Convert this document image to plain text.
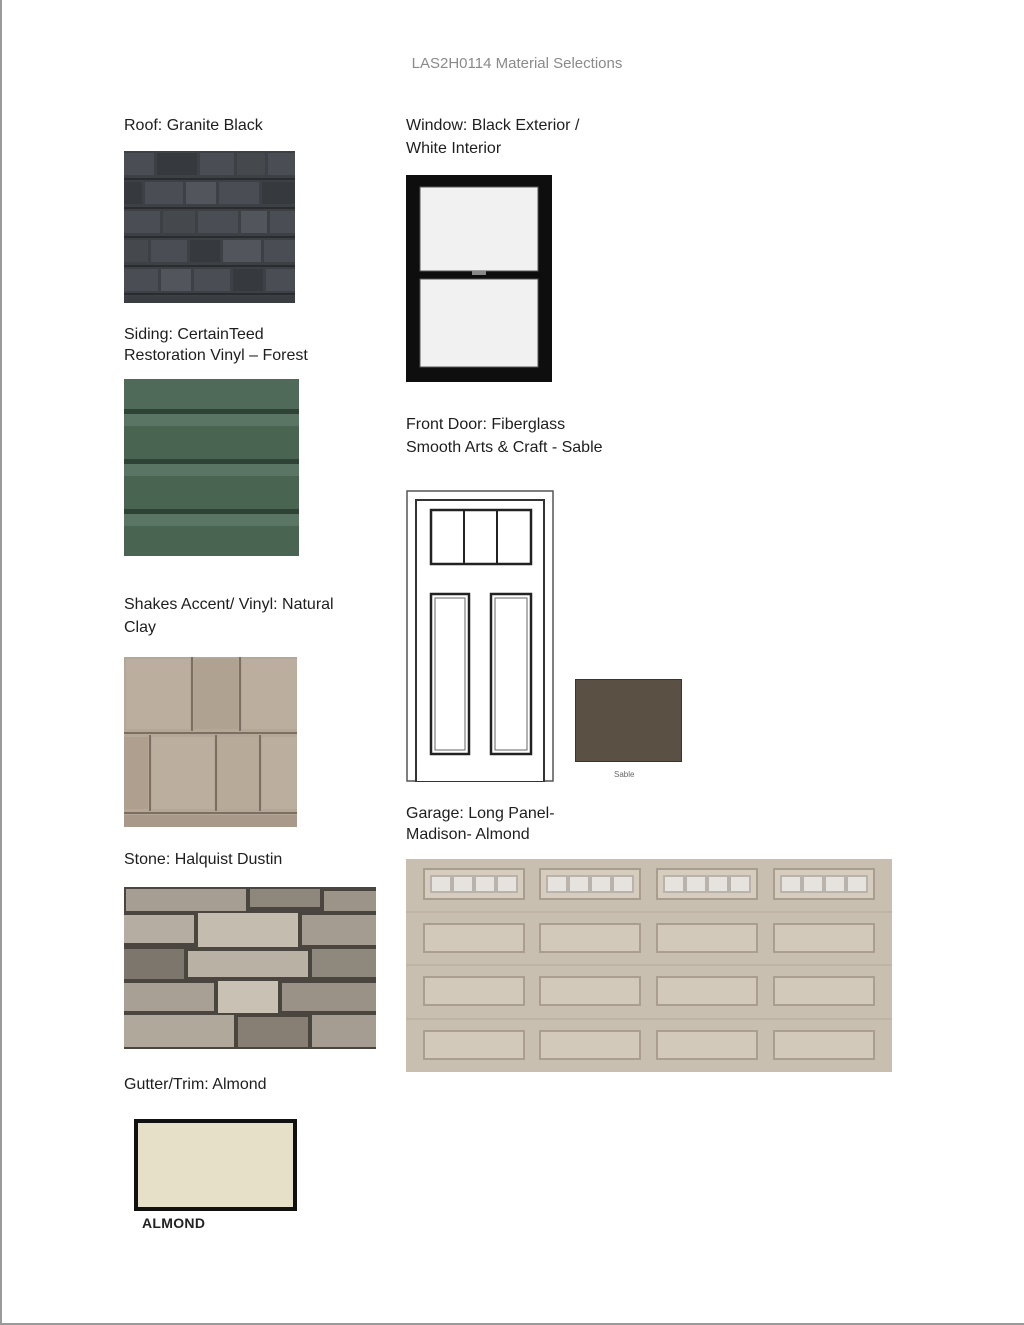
LAS2H0114 Material Selections
Roof: Granite Black
Siding: CertainTeed
Restoration Vinyl – Forest
Shakes Accent/ Vinyl: Natural
Clay
Stone: Halquist Dustin
Gutter/Trim: Almond
ALMOND
Window: Black Exterior /
White Interior
Front Door: Fiberglass
Smooth Arts & Craft - Sable
Sable
Garage: Long Panel-
Madison- Almond
